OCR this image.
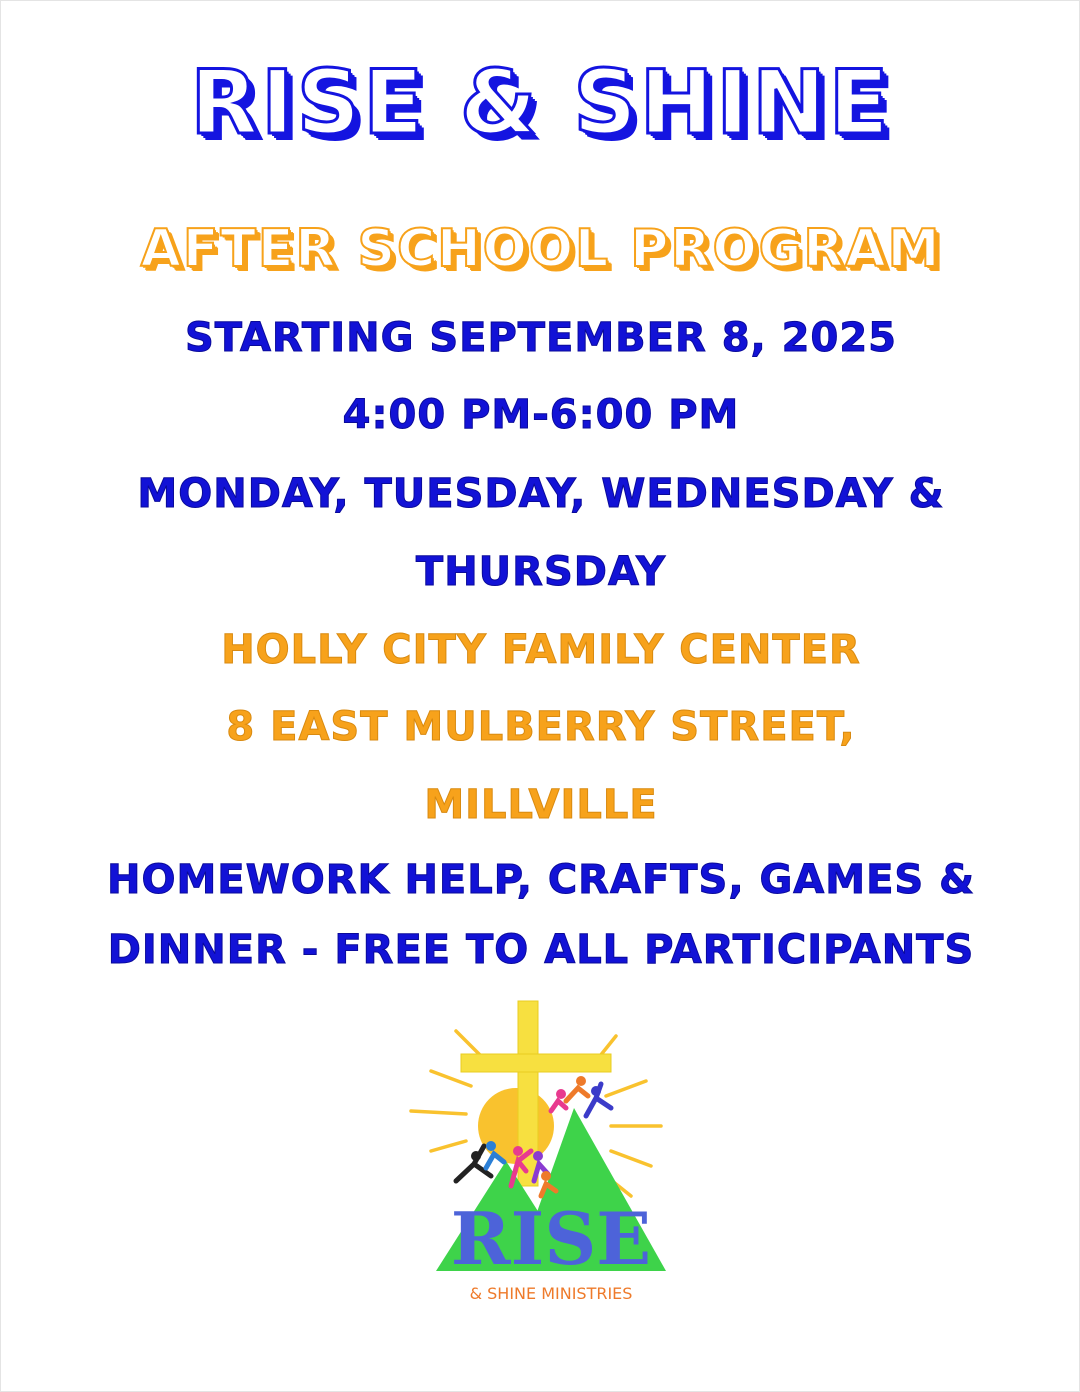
RISE & SHINE

AFTER SCHOOL PROGRAM

STARTING SEPTEMBER 8, 2025

4:00 PM-6:00 PM

MONDAY, TUESDAY, WEDNESDAY &

THURSDAY

HOLLY CITY FAMILY CENTER

8 EAST MULBERRY STREET,

MILLVILLE

HOMEWORK HELP, CRAFTS, GAMES &

DINNER - FREE TO ALL PARTICIPANTS

RISE
& SHINE MINISTRIES
